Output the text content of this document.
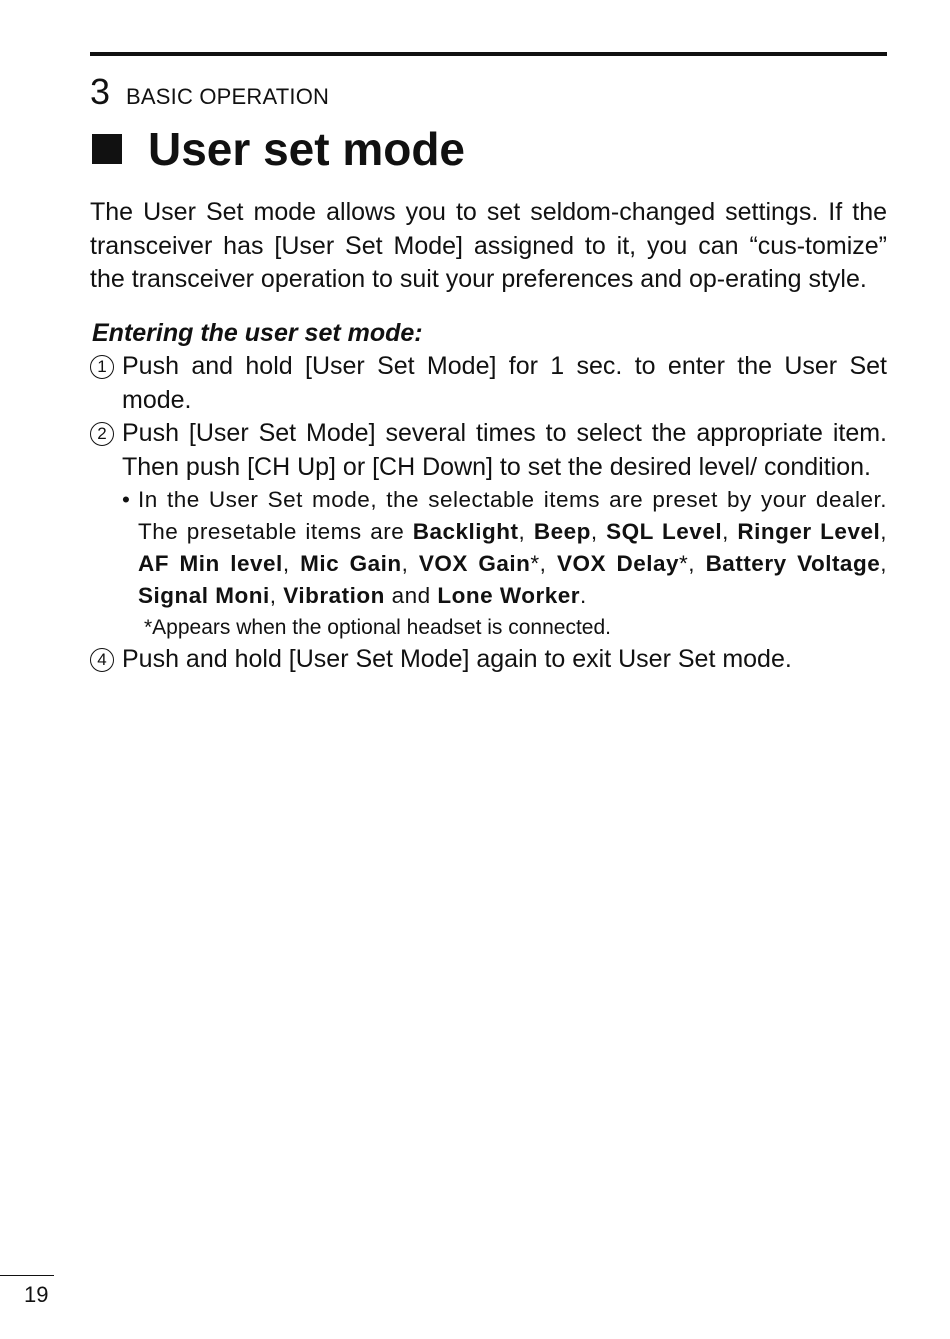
3 BASIC OPERATION
User set mode

The User Set mode allows you to set seldom-changed settings. If the transceiver has [User Set Mode] assigned to it, you can “cus-tomize” the transceiver operation to suit your preferences and op-erating style.

Entering the user set mode:
1 Push and hold [User Set Mode] for 1 sec. to enter the User Set mode.
2 Push [User Set Mode] several times to select the appropriate item. Then push [CH Up] or [CH Down] to set the desired level/ condition.
• In the User Set mode, the selectable items are preset by your dealer. The presetable items are Backlight, Beep, SQL Level, Ringer Level, AF Min level, Mic Gain, VOX Gain*, VOX Delay*, Battery Voltage, Signal Moni, Vibration and Lone Worker.
*Appears when the optional headset is connected.
4 Push and hold [User Set Mode] again to exit User Set mode.
19
